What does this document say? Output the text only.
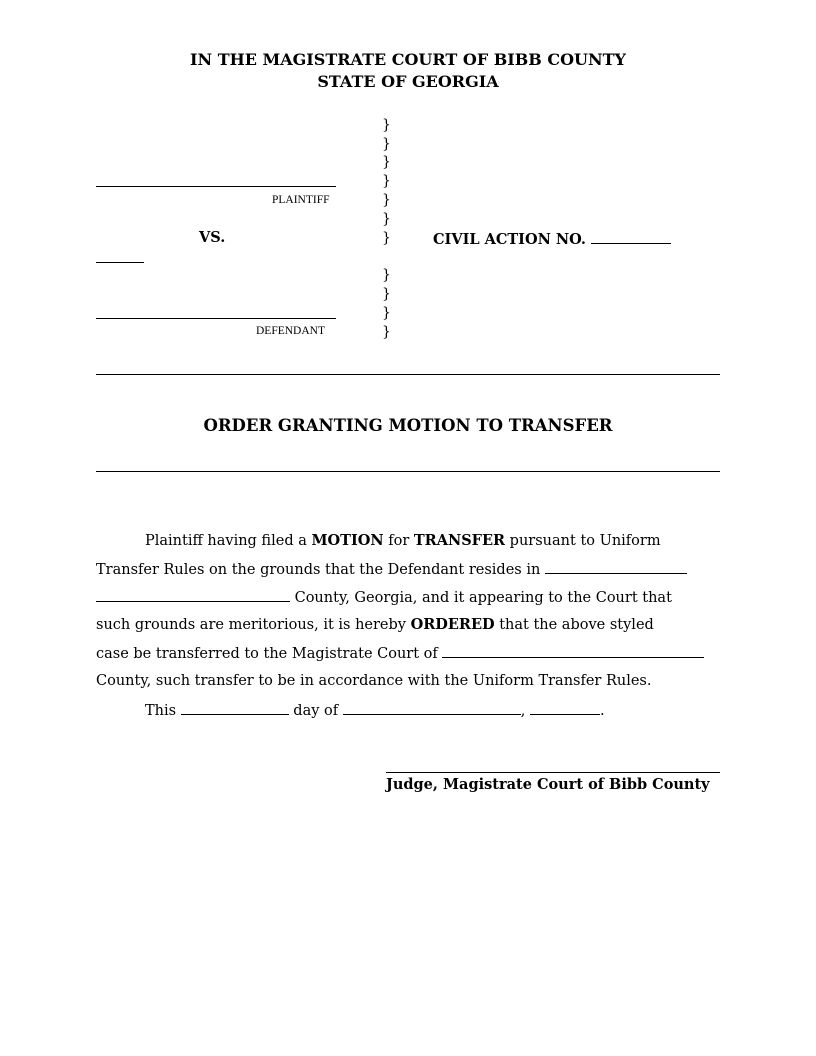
IN THE MAGISTRATE COURT OF BIBB COUNTY
STATE OF GEORGIA
PLAINTIFF
VS.
DEFENDANT
}
}
}
}
}
}
}
}
}
}
}
CIVIL ACTION NO.
ORDER GRANTING MOTION TO TRANSFER
Plaintiff having filed a MOTION for TRANSFER pursuant to Uniform
Transfer Rules on the grounds that the Defendant resides in
County, Georgia, and it appearing to the Court that
such grounds are meritorious, it is hereby ORDERED that the above styled
case be transferred to the Magistrate Court of
County, such transfer to be in accordance with the Uniform Transfer Rules.
This	day of	,	.
Judge, Magistrate Court of Bibb County
